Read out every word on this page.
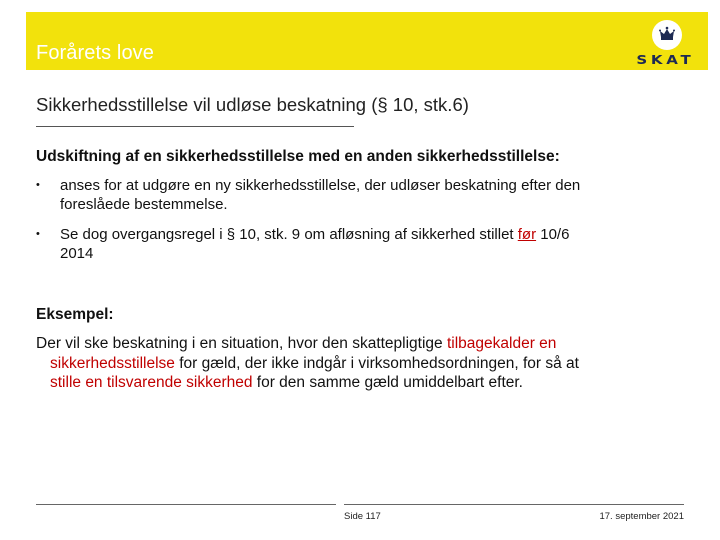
Forårets love	SKAT
Sikkerhedsstillelse vil udløse beskatning (§ 10, stk.6)
Udskiftning af en sikkerhedsstillelse med en anden sikkerhedsstillelse:
• anses for at udgøre en ny sikkerhedsstillelse, der udløser beskatning efter den
foreslåede bestemmelse.
• Se dog overgangsregel i § 10, stk. 9 om afløsning af sikkerhed stillet før 10/6
2014
Eksempel:
Der vil ske beskatning i en situation, hvor den skattepligtige tilbagekalder en
sikkerhedsstillelse for gæld, der ikke indgår i virksomhedsordningen, for så at
stille en tilsvarende sikkerhed for den samme gæld umiddelbart efter.
Side 117	17. september 2021
